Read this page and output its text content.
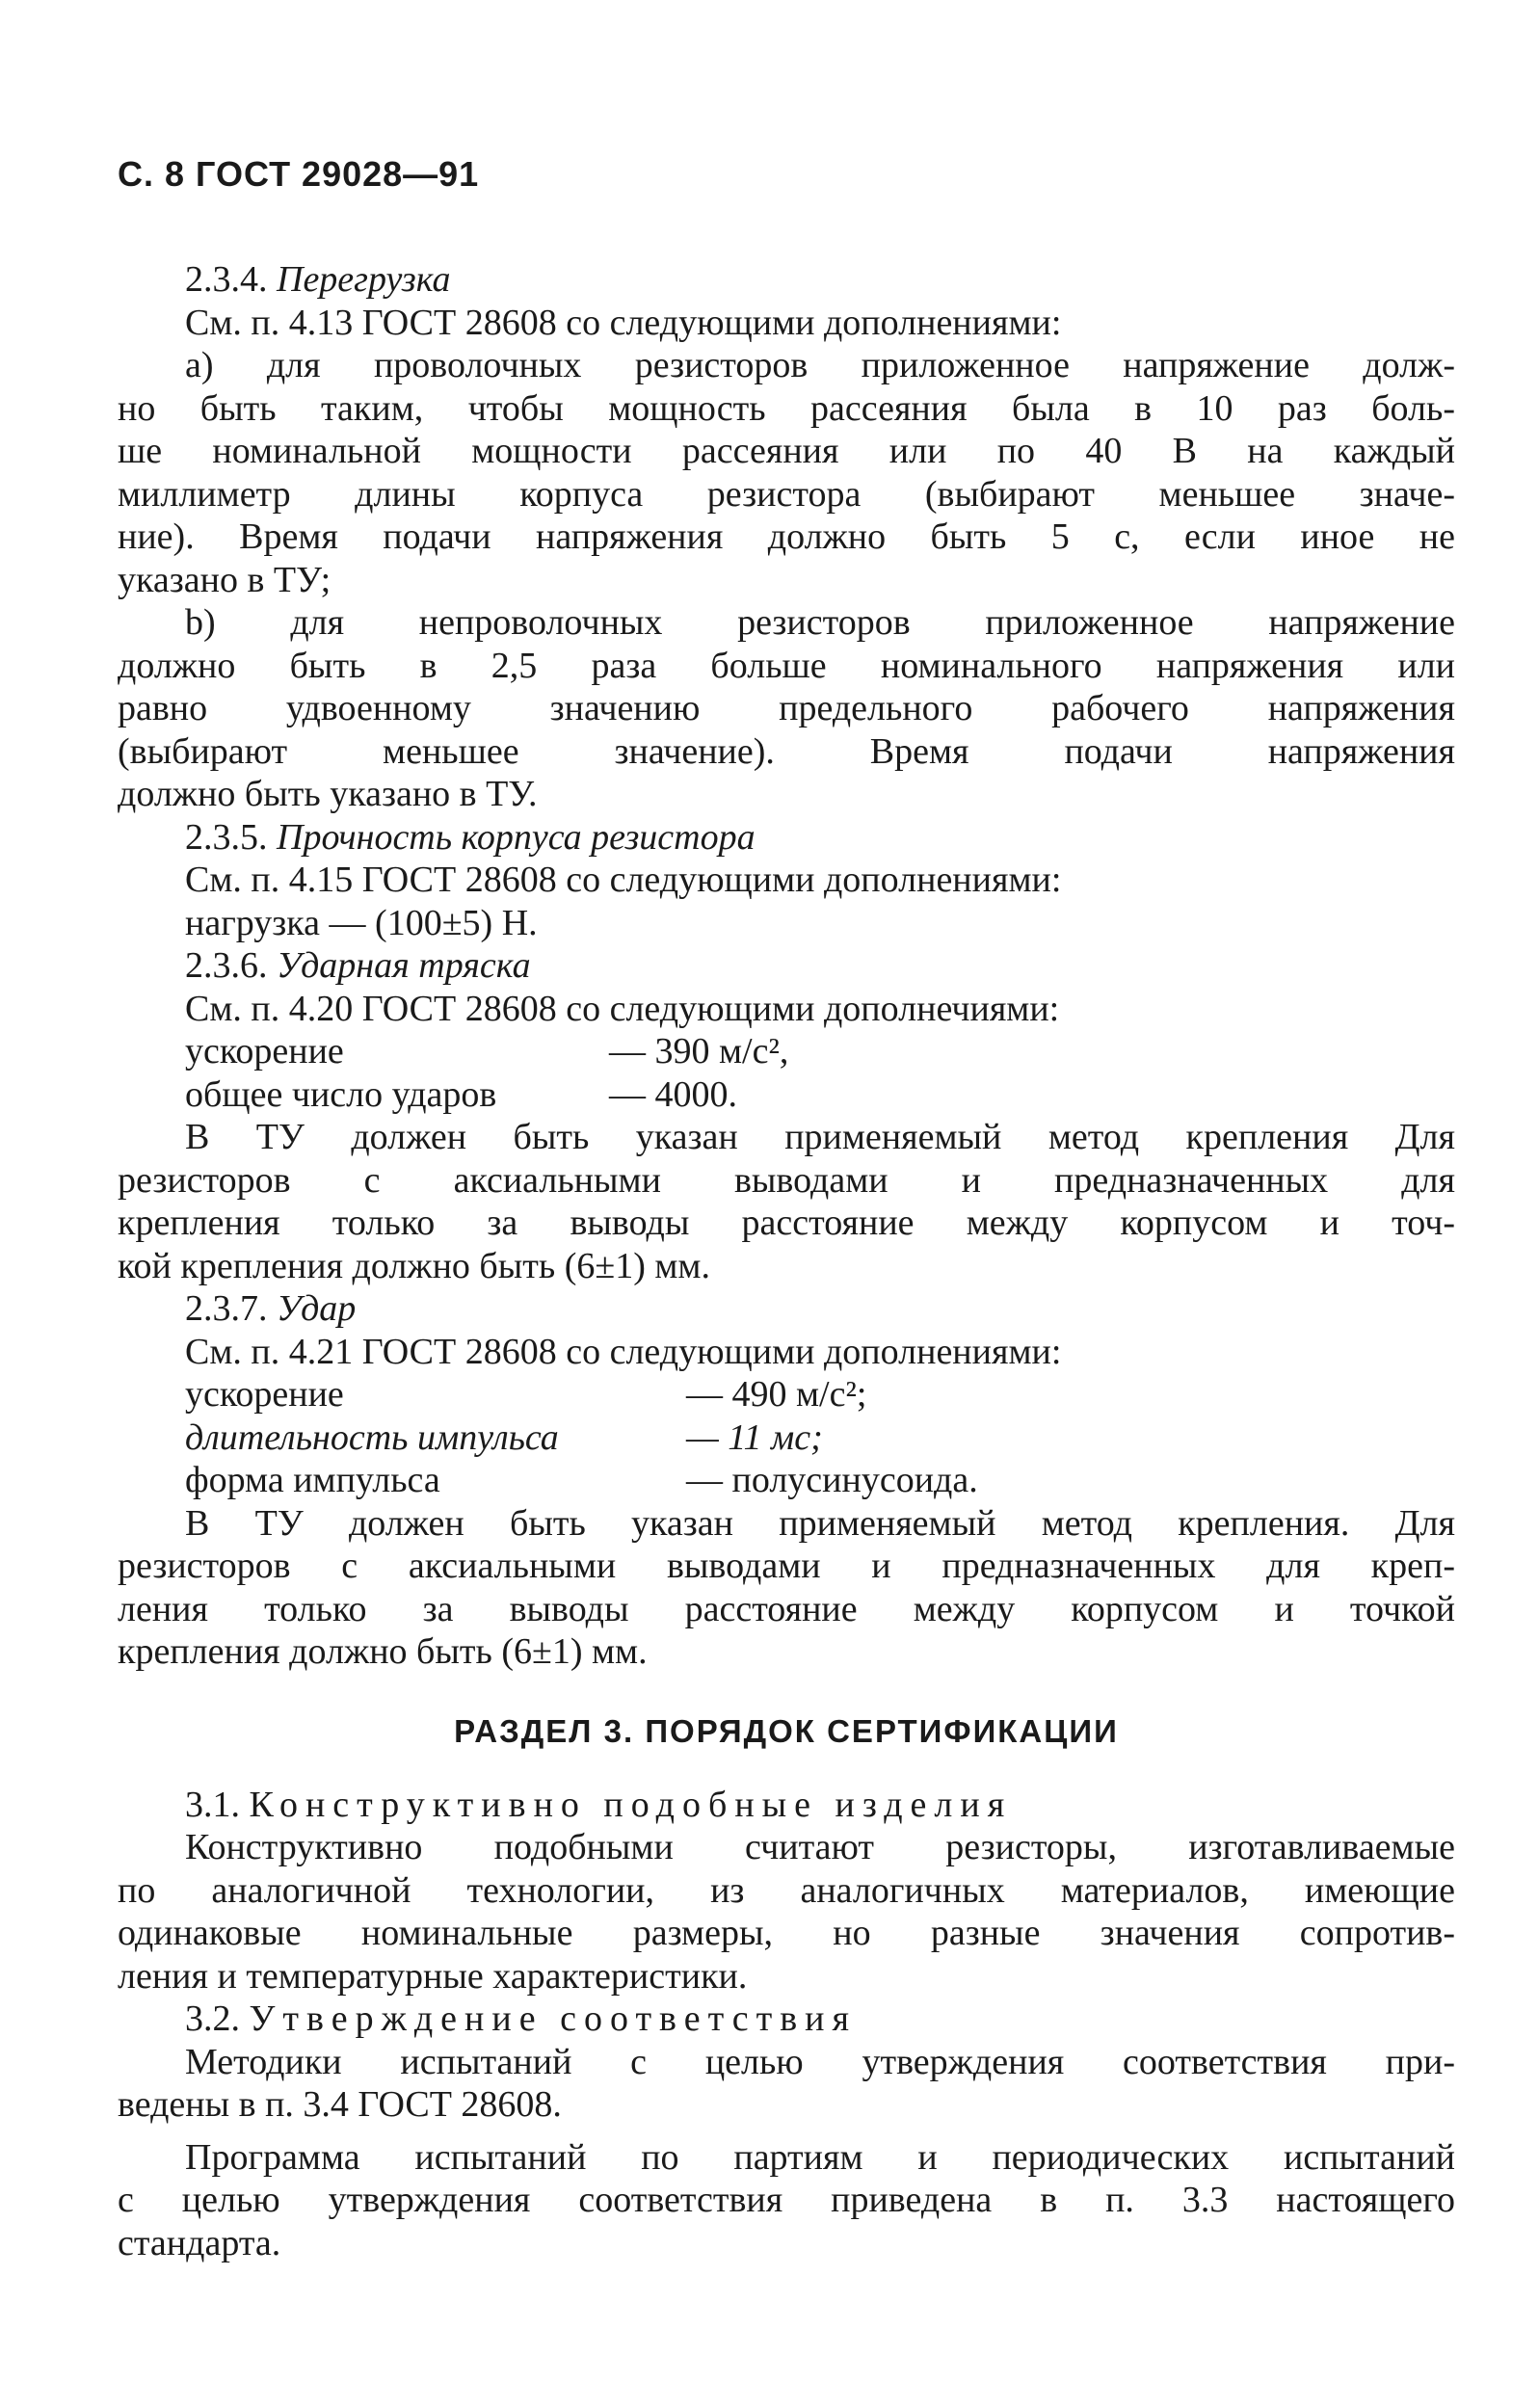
С. 8 ГОСТ 29028—91

2.3.4. Перегрузка

См. п. 4.13 ГОСТ 28608 со следующими дополнениями:

а) для проволочных резисторов приложенное напряжение долж-

но быть таким, чтобы мощность рассеяния была в 10 раз боль-

ше номинальной мощности рассеяния или по 40 В на каждый

миллиметр длины корпуса резистора (выбирают меньшее значе-

ние). Время подачи напряжения должно быть 5 с, если иное не

указано в ТУ;

b) для непроволочных резисторов приложенное напряжение

должно быть в 2,5 раза больше номинального напряжения или

равно удвоенному значению предельного рабочего напряжения

(выбирают меньшее значение). Время подачи напряжения

должно быть указано в ТУ.

2.3.5. Прочность корпуса резистора

См. п. 4.15 ГОСТ 28608 со следующими дополнениями:

нагрузка — (100±5) Н.

2.3.6. Ударная тряска

См. п. 4.20 ГОСТ 28608 со следующими дополнечиями:

ускорение	— 390 м/с²,
общее число ударов	— 4000.

В ТУ должен быть указан применяемый метод крепления Для

резисторов с аксиальными выводами и предназначенных для

крепления только за выводы расстояние между корпусом и точ-

кой крепления должно быть (6±1) мм.

2.3.7. Удар

См. п. 4.21 ГОСТ 28608 со следующими дополнениями:

ускорение	— 490 м/с²;
длительность импульса	— 11 мс;
форма импульса	— полусинусоида.

В ТУ должен быть указан применяемый метод крепления. Для

резисторов с аксиальными выводами и предназначенных для креп-

ления только за выводы расстояние между корпусом и точкой

крепления должно быть (6±1) мм.

РАЗДЕЛ 3. ПОРЯДОК СЕРТИФИКАЦИИ

3.1. Конструктивно подобные изделия

Конструктивно подобными считают резисторы, изготавливаемые

по аналогичной технологии, из аналогичных материалов, имеющие

одинаковые номинальные размеры, но разные значения сопротив-

ления и температурные характеристики.

3.2. Утверждение соответствия

Методики испытаний с целью утверждения соответствия при-

ведены в п. 3.4 ГОСТ 28608.

Программа испытаний по партиям и периодических испытаний

с целью утверждения соответствия приведена в п. 3.3 настоящего

стандарта.
